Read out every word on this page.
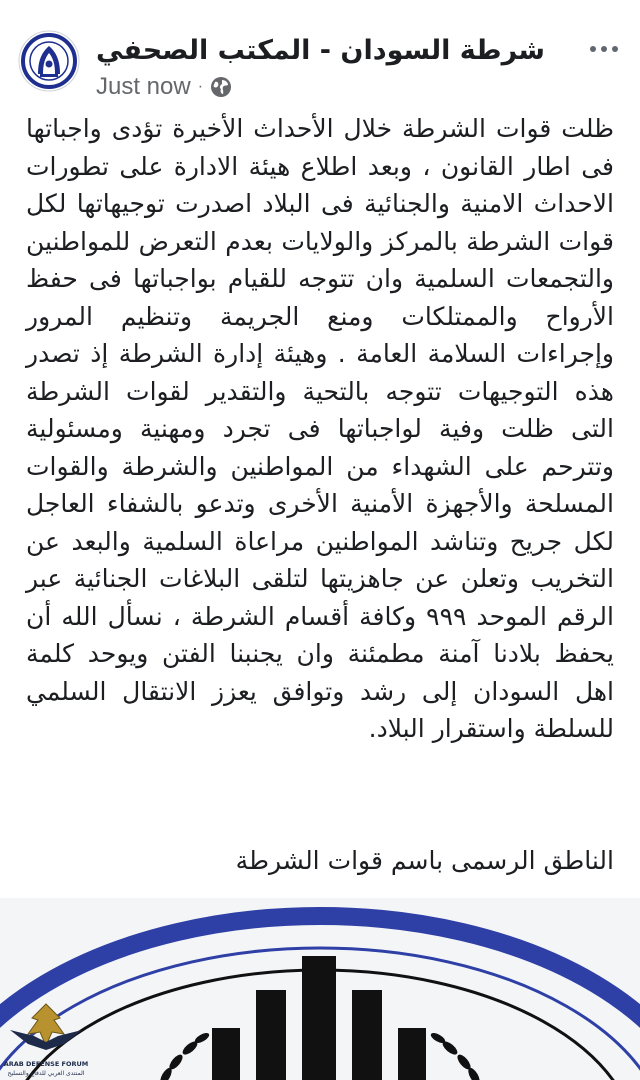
شرطة السودان - المكتب الصحفي
Just now ·

ظلت قوات الشرطة خلال الأحداث الأخيرة تؤدى واجباتها فى اطار القانون ، وبعد اطلاع هيئة الادارة على تطورات الاحداث الامنية والجنائية فى البلاد اصدرت توجيهاتها لكل قوات الشرطة بالمركز والولايات بعدم التعرض للمواطنين والتجمعات السلمية وان تتوجه للقيام بواجباتها فى حفظ الأرواح والممتلكات ومنع الجريمة وتنظيم المرور وإجراءات السلامة العامة . وهيئة إدارة الشرطة إذ تصدر هذه التوجيهات تتوجه بالتحية والتقدير لقوات الشرطة التى ظلت وفية لواجباتها فى تجرد ومهنية ومسئولية وتترحم على الشهداء من المواطنين والشرطة والقوات المسلحة والأجهزة الأمنية الأخرى وتدعو بالشفاء العاجل لكل جريح وتناشد المواطنين مراعاة السلمية والبعد عن التخريب وتعلن عن جاهزيتها لتلقى البلاغات الجنائية عبر الرقم الموحد ٩٩٩ وكافة أقسام الشرطة ، نسأل الله أن يحفظ بلادنا آمنة مطمئنة وان يجنبنا الفتن ويوحد كلمة اهل السودان إلى رشد وتوافق يعزز الانتقال السلمي للسلطة واستقرار البلاد.

الناطق الرسمى باسم قوات الشرطة
ARAB DEFENSE FORUM
المنتدى العربي للدفاع والتسليح
